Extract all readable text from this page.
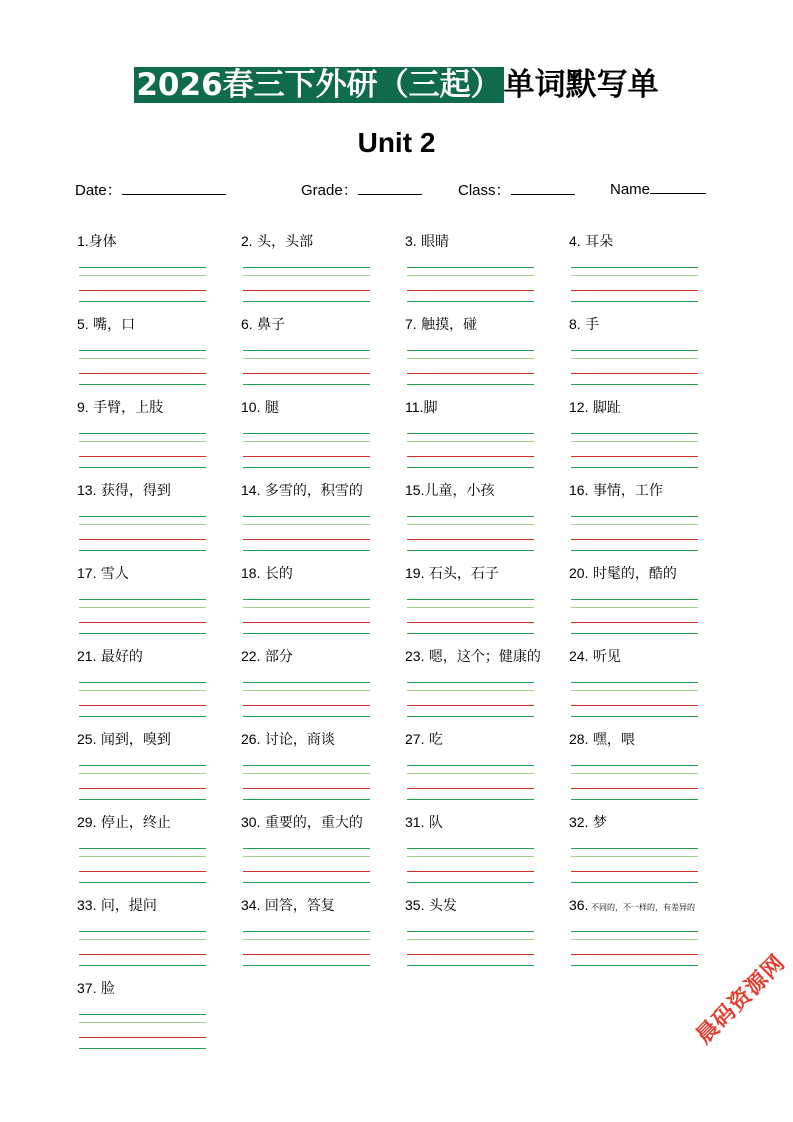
2026春三下外研（三起）单词默写单
Unit 2
Date：	Grade：	Class：	Name
1.身体	2. 头，头部	3. 眼睛	4. 耳朵
5. 嘴，口	6. 鼻子	7. 触摸，碰	8. 手
9. 手臂，上肢	10. 腿	11.脚	12. 脚趾
13. 获得，得到	14. 多雪的，积雪的	15.儿童，小孩	16. 事情，工作
17. 雪人	18. 长的	19. 石头，石子	20. 时髦的，酷的
21. 最好的	22. 部分	23. 嗯，这个；健康的 24. 听见
25. 闻到，嗅到	26. 讨论，商谈	27. 吃	28. 嘿，喂
29. 停止，终止	30. 重要的，重大的	31. 队	32. 梦
33. 问，提问	34. 回答，答复	35. 头发	36. 不同的，不一样的，有差异的
37. 脸	晨码资源网
